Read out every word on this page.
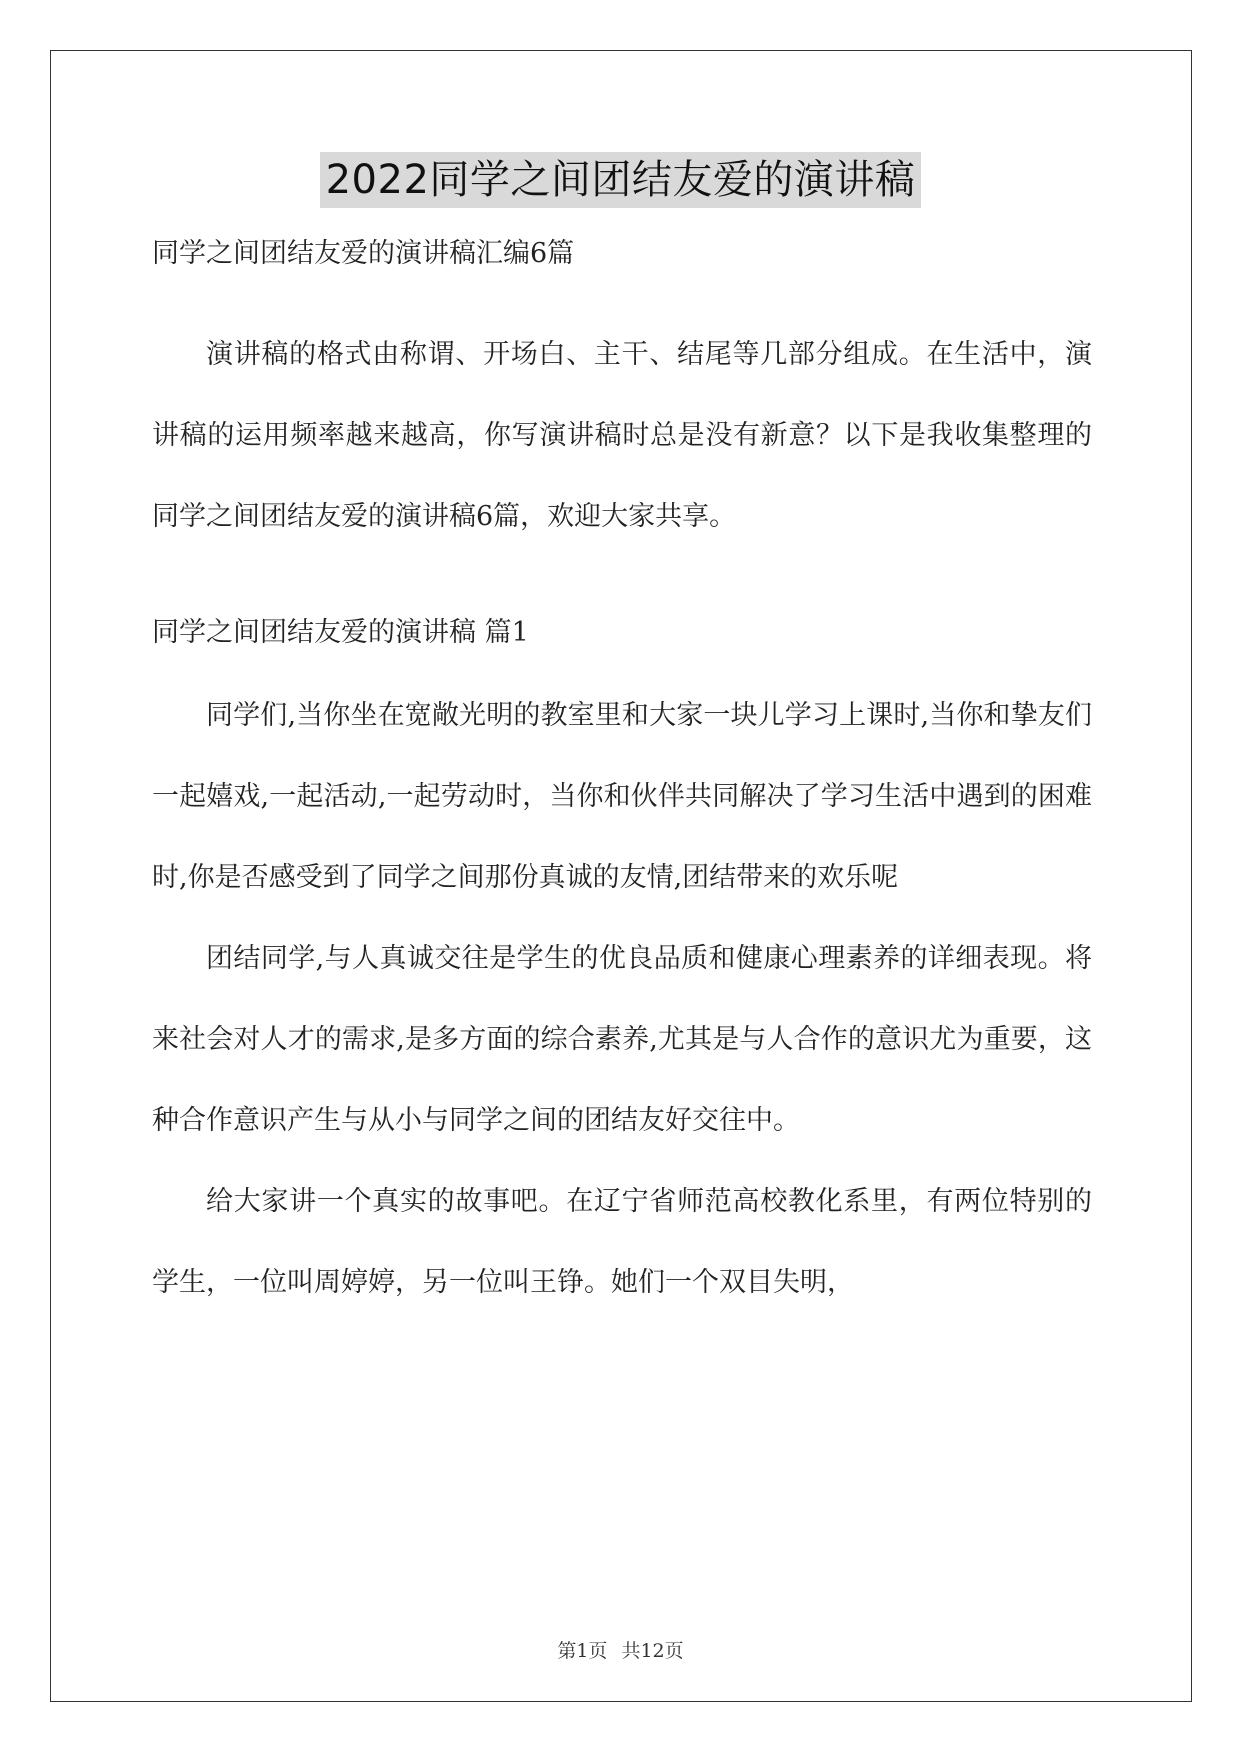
2022同学之间团结友爱的演讲稿

同学之间团结友爱的演讲稿汇编6篇

演讲稿的格式由称谓、开场白、主干、结尾等几部分组成。在生活中，演讲稿的运用频率越来越高，你写演讲稿时总是没有新意？以下是我收集整理的同学之间团结友爱的演讲稿6篇，欢迎大家共享。

同学之间团结友爱的演讲稿 篇1

同学们,当你坐在宽敞光明的教室里和大家一块儿学习上课时,当你和挚友们一起嬉戏,一起活动,一起劳动时，当你和伙伴共同解决了学习生活中遇到的困难时,你是否感受到了同学之间那份真诚的友情,团结带来的欢乐呢

团结同学,与人真诚交往是学生的优良品质和健康心理素养的详细表现。将来社会对人才的需求,是多方面的综合素养,尤其是与人合作的意识尤为重要，这种合作意识产生与从小与同学之间的团结友好交往中。

给大家讲一个真实的故事吧。在辽宁省师范高校教化系里，有两位特别的学生，一位叫周婷婷，另一位叫王铮。她们一个双目失明，

第1页 共12页
